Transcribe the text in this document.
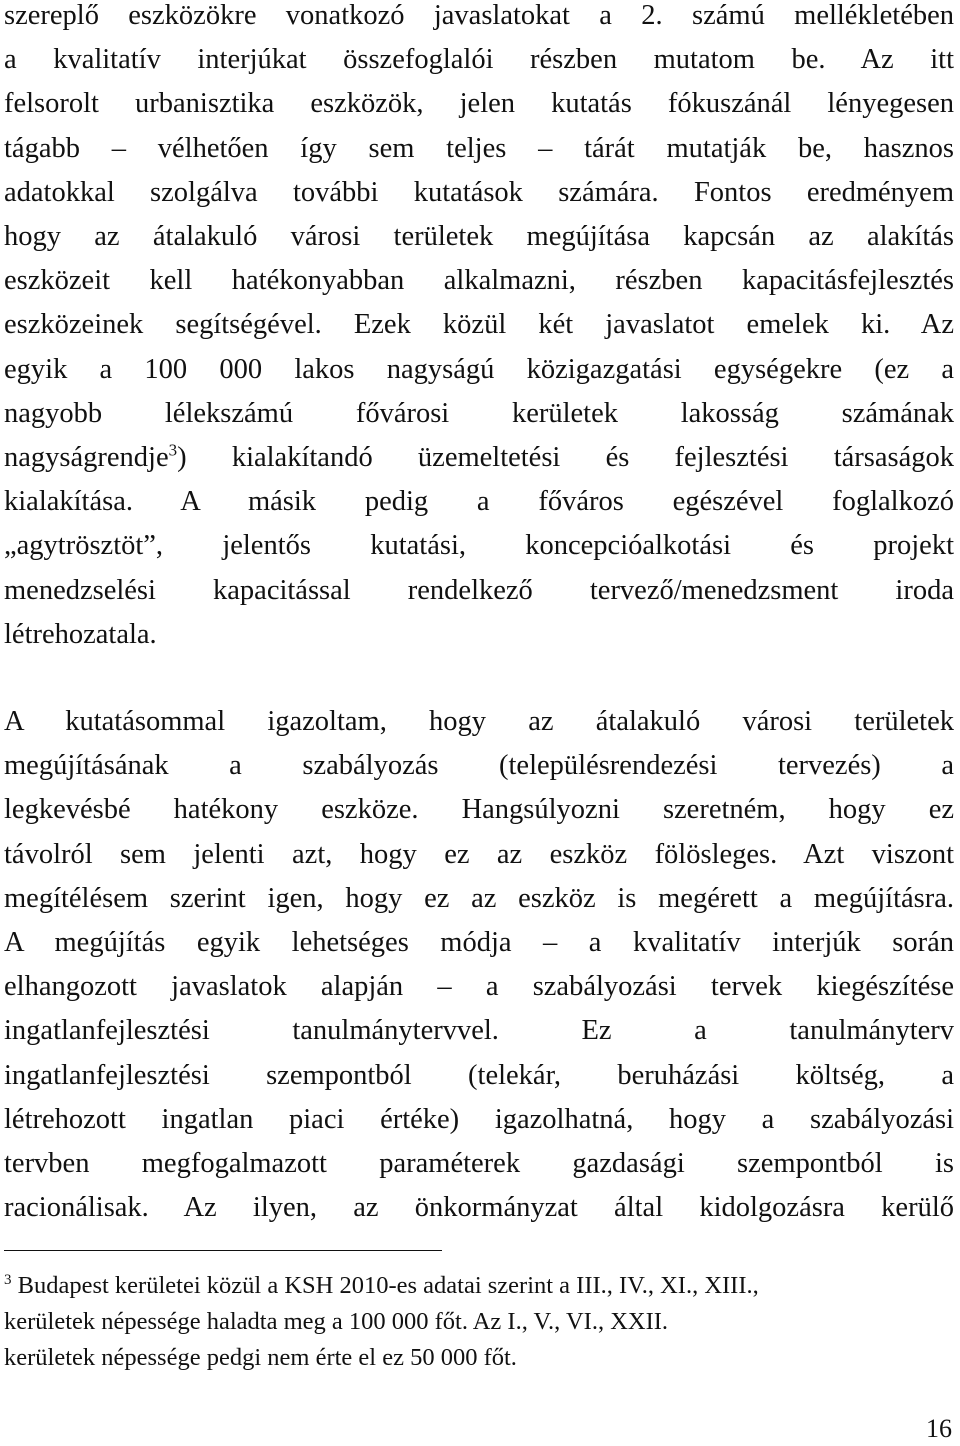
szereplő eszközökre vonatkozó javaslatokat a 2. számú mellékletében
a kvalitatív interjúkat összefoglalói részben mutatom be. Az itt
felsorolt urbanisztika eszközök, jelen kutatás fókuszánál lényegesen
tágabb – vélhetően így sem teljes – tárát mutatják be, hasznos
adatokkal szolgálva további kutatások számára. Fontos eredményem
hogy az átalakuló városi területek megújítása kapcsán az alakítás
eszközeit kell hatékonyabban alkalmazni, részben kapacitásfejlesztés
eszközeinek segítségével. Ezek közül két javaslatot emelek ki. Az
egyik a 100 000 lakos nagyságú közigazgatási egységekre (ez a
nagyobb lélekszámú fővárosi kerületek lakosság számának
nagyságrendje$^3$) kialakítandó üzemeltetési és fejlesztési társaságok
kialakítása. A másik pedig a főváros egészével foglalkozó
„agytrösztöt”, jelentős kutatási, koncepcióalkotási és projekt
menedzselési kapacitással rendelkező tervező/menedzsment iroda
létrehozatala.
A kutatásommal igazoltam, hogy az átalakuló városi területek
megújításának a szabályozás (településrendezési tervezés) a
legkevésbé hatékony eszköze. Hangsúlyozni szeretném, hogy ez
távolról sem jelenti azt, hogy ez az eszköz fölösleges. Azt viszont
megítélésem szerint igen, hogy ez az eszköz is megérett a megújításra.
A megújítás egyik lehetséges módja – a kvalitatív interjúk során
elhangozott javaslatok alapján – a szabályozási tervek kiegészítése
ingatlanfejlesztési tanulmánytervvel. Ez a tanulmányterv
ingatlanfejlesztési szempontból (telekár, beruházási költség, a
létrehozott ingatlan piaci értéke) igazolhatná, hogy a szabályozási
tervben megfogalmazott paraméterek gazdasági szempontból is
racionálisak. Az ilyen, az önkormányzat által kidolgozásra kerülő
$^3$ Budapest kerületei közül a KSH 2010-es adatai szerint a III., IV., XI., XIII.,
kerületek népessége haladta meg a 100 000 főt. Az I., V., VI., XXII.
kerületek népessége pedgi nem érte el ez 50 000 főt.
16
